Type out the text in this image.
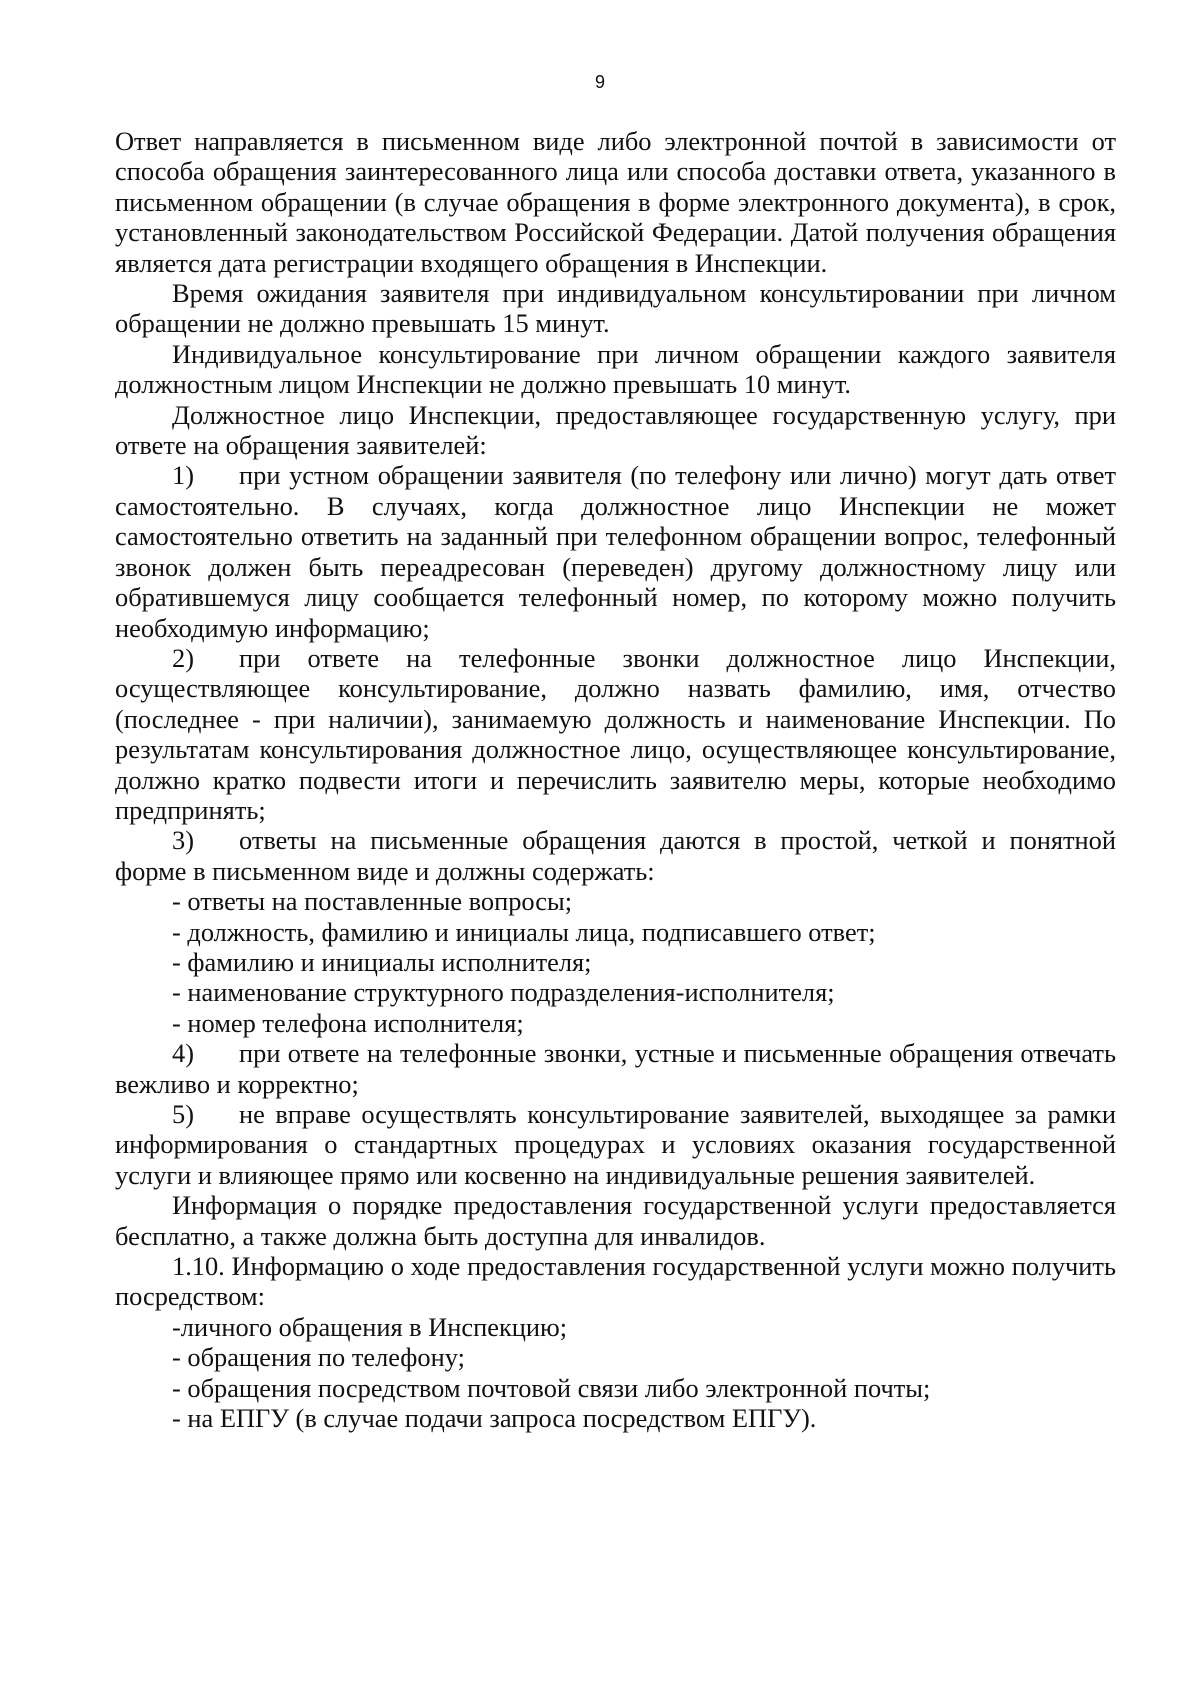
9

Ответ направляется в письменном виде либо электронной почтой в зависимости от способа обращения заинтересованного лица или способа доставки ответа, указанного в письменном обращении (в случае обращения в форме электронного документа), в срок, установленный законодательством Российской Федерации. Датой получения обращения является дата регистрации входящего обращения в Инспекции.

Время ожидания заявителя при индивидуальном консультировании при личном обращении не должно превышать 15 минут.

Индивидуальное консультирование при личном обращении каждого заявителя должностным лицом Инспекции не должно превышать 10 минут.

Должностное лицо Инспекции, предоставляющее государственную услугу, при ответе на обращения заявителей:

1) при устном обращении заявителя (по телефону или лично) могут дать ответ самостоятельно. В случаях, когда должностное лицо Инспекции не может самостоятельно ответить на заданный при телефонном обращении вопрос, телефонный звонок должен быть переадресован (переведен) другому должностному лицу или обратившемуся лицу сообщается телефонный номер, по которому можно получить необходимую информацию;

2) при ответе на телефонные звонки должностное лицо Инспекции, осуществляющее консультирование, должно назвать фамилию, имя, отчество (последнее - при наличии), занимаемую должность и наименование Инспекции. По результатам консультирования должностное лицо, осуществляющее консультирование, должно кратко подвести итоги и перечислить заявителю меры, которые необходимо предпринять;

3) ответы на письменные обращения даются в простой, четкой и понятной форме в письменном виде и должны содержать:

- ответы на поставленные вопросы;

- должность, фамилию и инициалы лица, подписавшего ответ;

- фамилию и инициалы исполнителя;

- наименование структурного подразделения-исполнителя;

- номер телефона исполнителя;

4) при ответе на телефонные звонки, устные и письменные обращения отвечать вежливо и корректно;

5) не вправе осуществлять консультирование заявителей, выходящее за рамки информирования о стандартных процедурах и условиях оказания государственной услуги и влияющее прямо или косвенно на индивидуальные решения заявителей.

Информация о порядке предоставления государственной услуги предоставляется бесплатно, а также должна быть доступна для инвалидов.

1.10. Информацию о ходе предоставления государственной услуги можно получить посредством:

-личного обращения в Инспекцию;

- обращения по телефону;

- обращения посредством почтовой связи либо электронной почты;

- на ЕПГУ (в случае подачи запроса посредством ЕПГУ).
